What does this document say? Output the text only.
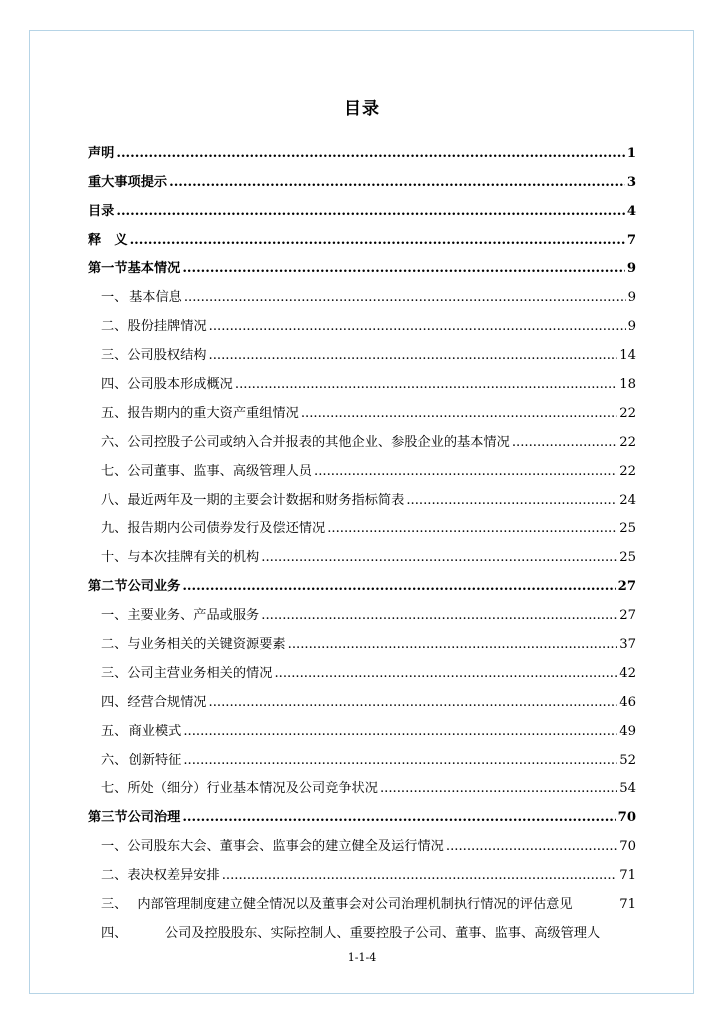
目录
声明 .....	1
重大事项提示 .....	3
目录 .....	4
释　义 .....	7
第一节 基本情况 .....	9
一、 基本信息 .....	9
二、 股份挂牌情况 .....	9
三、 公司股权结构 .....	14
四、 公司股本形成概况 .....	18
五、 报告期内的重大资产重组情况 .....	22
六、 公司控股子公司或纳入合并报表的其他企业、参股企业的基本情况 .....	22
七、 公司董事、监事、高级管理人员 .....	22
八、 最近两年及一期的主要会计数据和财务指标简表 .....	24
九、 报告期内公司债券发行及偿还情况 .....	25
十、 与本次挂牌有关的机构 .....	25
第二节 公司业务 .....	27
一、 主要业务、产品或服务 .....	27
二、 与业务相关的关键资源要素 .....	37
三、 公司主营业务相关的情况 .....	42
四、 经营合规情况 .....	46
五、 商业模式 .....	49
六、 创新特征 .....	52
七、 所处（细分）行业基本情况及公司竞争状况 .....	54
第三节 公司治理 .....	70
一、 公司股东大会、董事会、监事会的建立健全及运行情况 .....	70
二、 表决权差异安排 .....	71
三、 内部管理制度建立健全情况以及董事会对公司治理机制执行情况的评估意见	71
四、	公司及控股股东、实际控制人、重要控股子公司、董事、监事、高级管理人
1-1-4
